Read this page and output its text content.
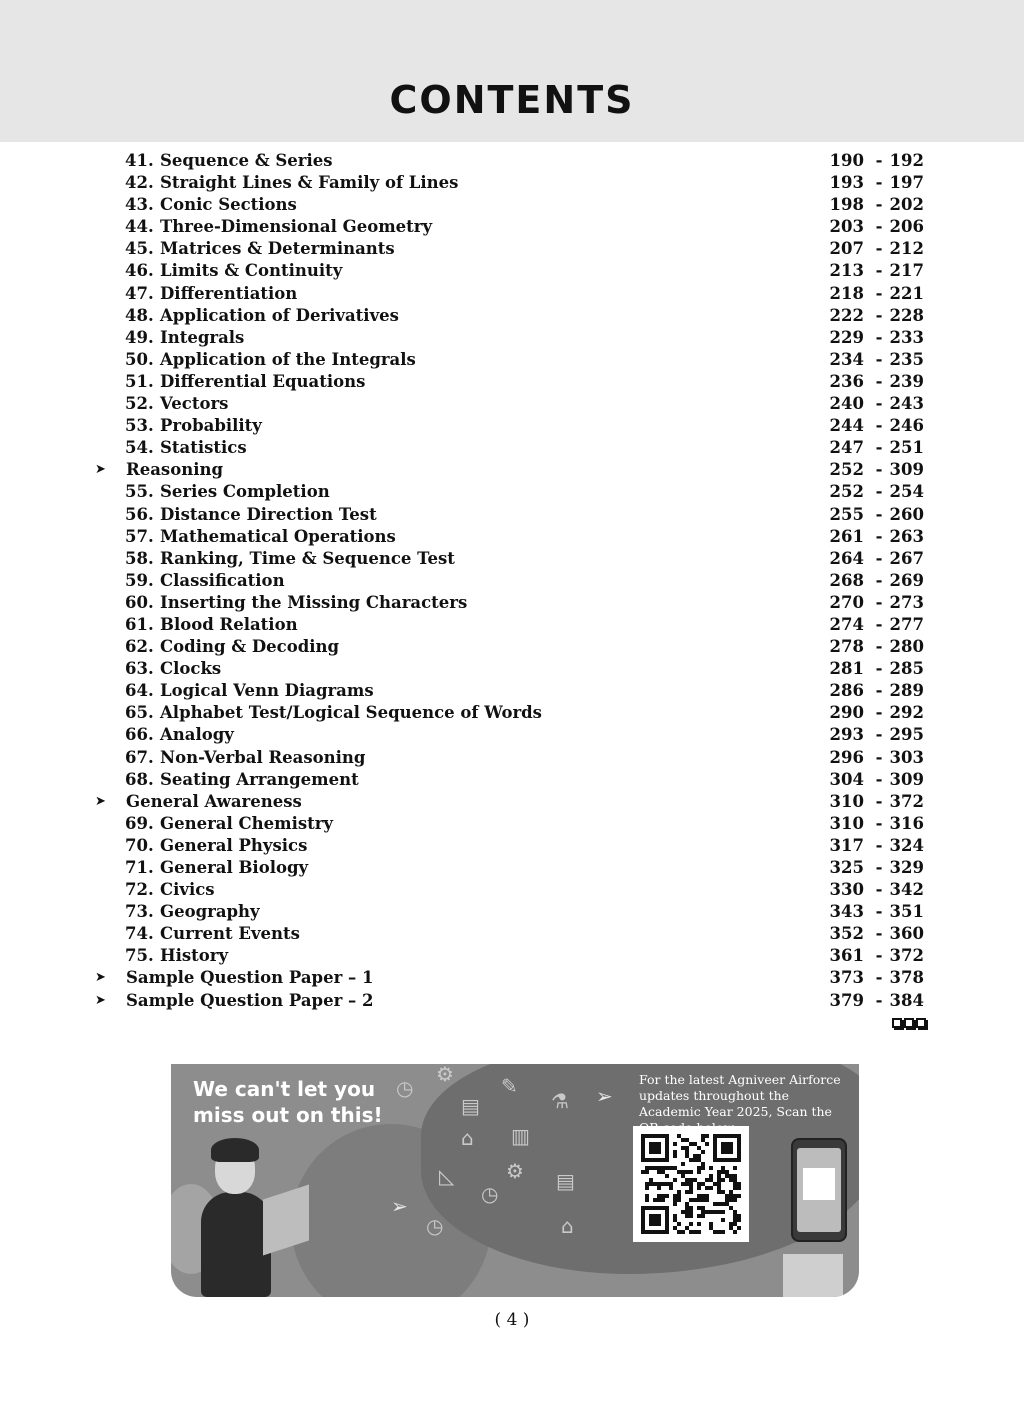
CONTENTS
41. Sequence & Series	190 - 192
42. Straight Lines & Family of Lines	193 - 197
43. Conic Sections	198 - 202
44. Three-Dimensional Geometry	203 - 206
45. Matrices & Determinants	207 - 212
46. Limits & Continuity	213 - 217
47. Differentiation	218 - 221
48. Application of Derivatives	222 - 228
49. Integrals	229 - 233
50. Application of the Integrals	234 - 235
51. Differential Equations	236 - 239
52. Vectors	240 - 243
53. Probability	244 - 246
54. Statistics	247 - 251
➤ Reasoning	252 - 309
55. Series Completion	252 - 254
56. Distance Direction Test	255 - 260
57. Mathematical Operations	261 - 263
58. Ranking, Time & Sequence Test	264 - 267
59. Classification	268 - 269
60. Inserting the Missing Characters	270 - 273
61. Blood Relation	274 - 277
62. Coding & Decoding	278 - 280
63. Clocks	281 - 285
64. Logical Venn Diagrams	286 - 289
65. Alphabet Test/Logical Sequence of Words	290 - 292
66. Analogy	293 - 295
67. Non-Verbal Reasoning	296 - 303
68. Seating Arrangement	304 - 309
➤ General Awareness	310 - 372
69. General Chemistry	310 - 316
70. General Physics	317 - 324
71. General Biology	325 - 329
72. Civics	330 - 342
73. Geography	343 - 351
74. Current Events	352 - 360
75. History	361 - 372
➤ Sample Question Paper – 1	373 - 378
➤ Sample Question Paper – 2	379 - 384
◷
⚙
▤
✎
⌂ ▥
⚗
⚙
◷
◺	▤
⌂
◷
➢
➢
We can't let you miss out on this!
For the latest Agniveer Airforce updates throughout the Academic Year 2025, Scan the
( 4 )
